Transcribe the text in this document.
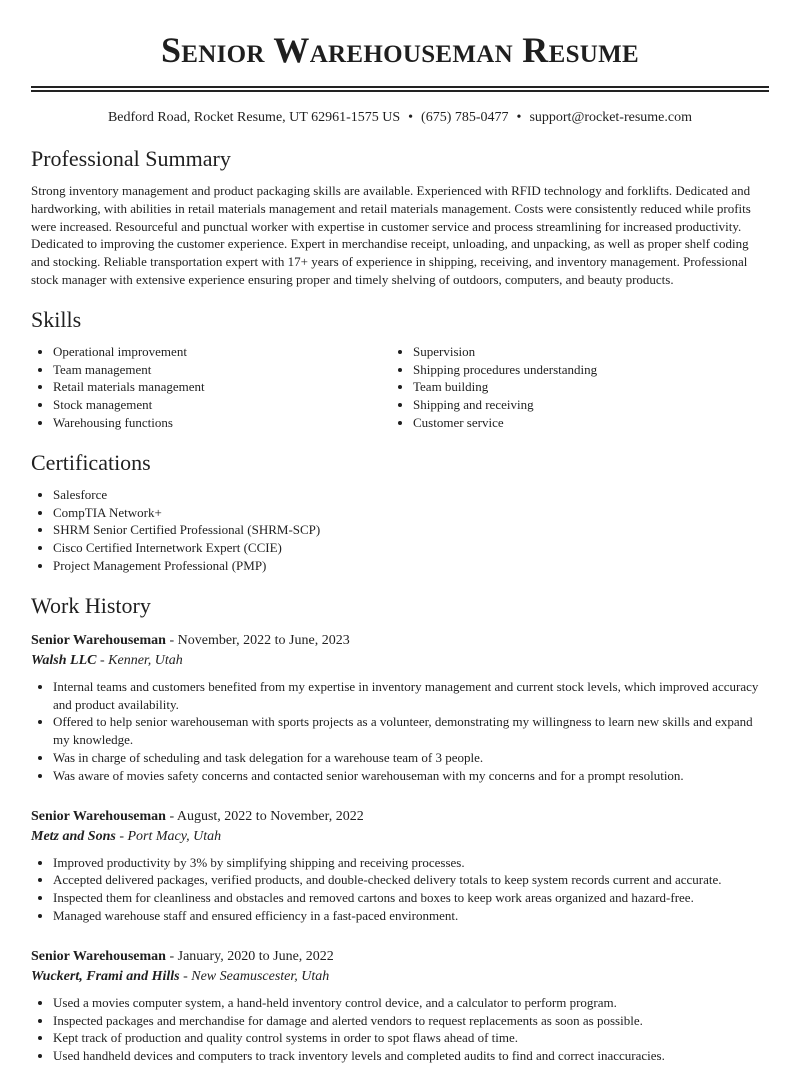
Senior Warehouseman Resume
Bedford Road, Rocket Resume, UT 62961-1575 US • (675) 785-0477 • support@rocket-resume.com
Professional Summary

Strong inventory management and product packaging skills are available. Experienced with RFID technology and forklifts. Dedicated and hardworking, with abilities in retail materials management and retail materials management. Costs were consistently reduced while profits were increased. Resourceful and punctual worker with expertise in customer service and process streamlining for increased productivity. Dedicated to improving the customer experience. Expert in merchandise receipt, unloading, and unpacking, as well as proper shelf coding and stocking. Reliable transportation expert with 17+ years of experience in shipping, receiving, and inventory management. Professional stock manager with extensive experience ensuring proper and timely shelving of outdoors, computers, and beauty products.

Skills
• Operational improvement
• Team management
• Retail materials management
• Stock management
• Warehousing functions
• Supervision
• Shipping procedures understanding
• Team building
• Shipping and receiving
• Customer service
Certifications
• Salesforce
• CompTIA Network+
• SHRM Senior Certified Professional (SHRM-SCP)
• Cisco Certified Internetwork Expert (CCIE)
• Project Management Professional (PMP)
Work History
Senior Warehouseman - November, 2022 to June, 2023
Walsh LLC - Kenner, Utah
• Internal teams and customers benefited from my expertise in inventory management and current stock levels, which improved accuracy and product availability.
• Offered to help senior warehouseman with sports projects as a volunteer, demonstrating my willingness to learn new skills and expand my knowledge.
• Was in charge of scheduling and task delegation for a warehouse team of 3 people.
• Was aware of movies safety concerns and contacted senior warehouseman with my concerns and for a prompt resolution.
Senior Warehouseman - August, 2022 to November, 2022
Metz and Sons - Port Macy, Utah
• Improved productivity by 3% by simplifying shipping and receiving processes.
• Accepted delivered packages, verified products, and double-checked delivery totals to keep system records current and accurate.
• Inspected them for cleanliness and obstacles and removed cartons and boxes to keep work areas organized and hazard-free.
• Managed warehouse staff and ensured efficiency in a fast-paced environment.
Senior Warehouseman - January, 2020 to June, 2022
Wuckert, Frami and Hills - New Seamuscester, Utah
• Used a movies computer system, a hand-held inventory control device, and a calculator to perform program.
• Inspected packages and merchandise for damage and alerted vendors to request replacements as soon as possible.
• Kept track of production and quality control systems in order to spot flaws ahead of time.
• Used handheld devices and computers to track inventory levels and completed audits to find and correct inaccuracies.
